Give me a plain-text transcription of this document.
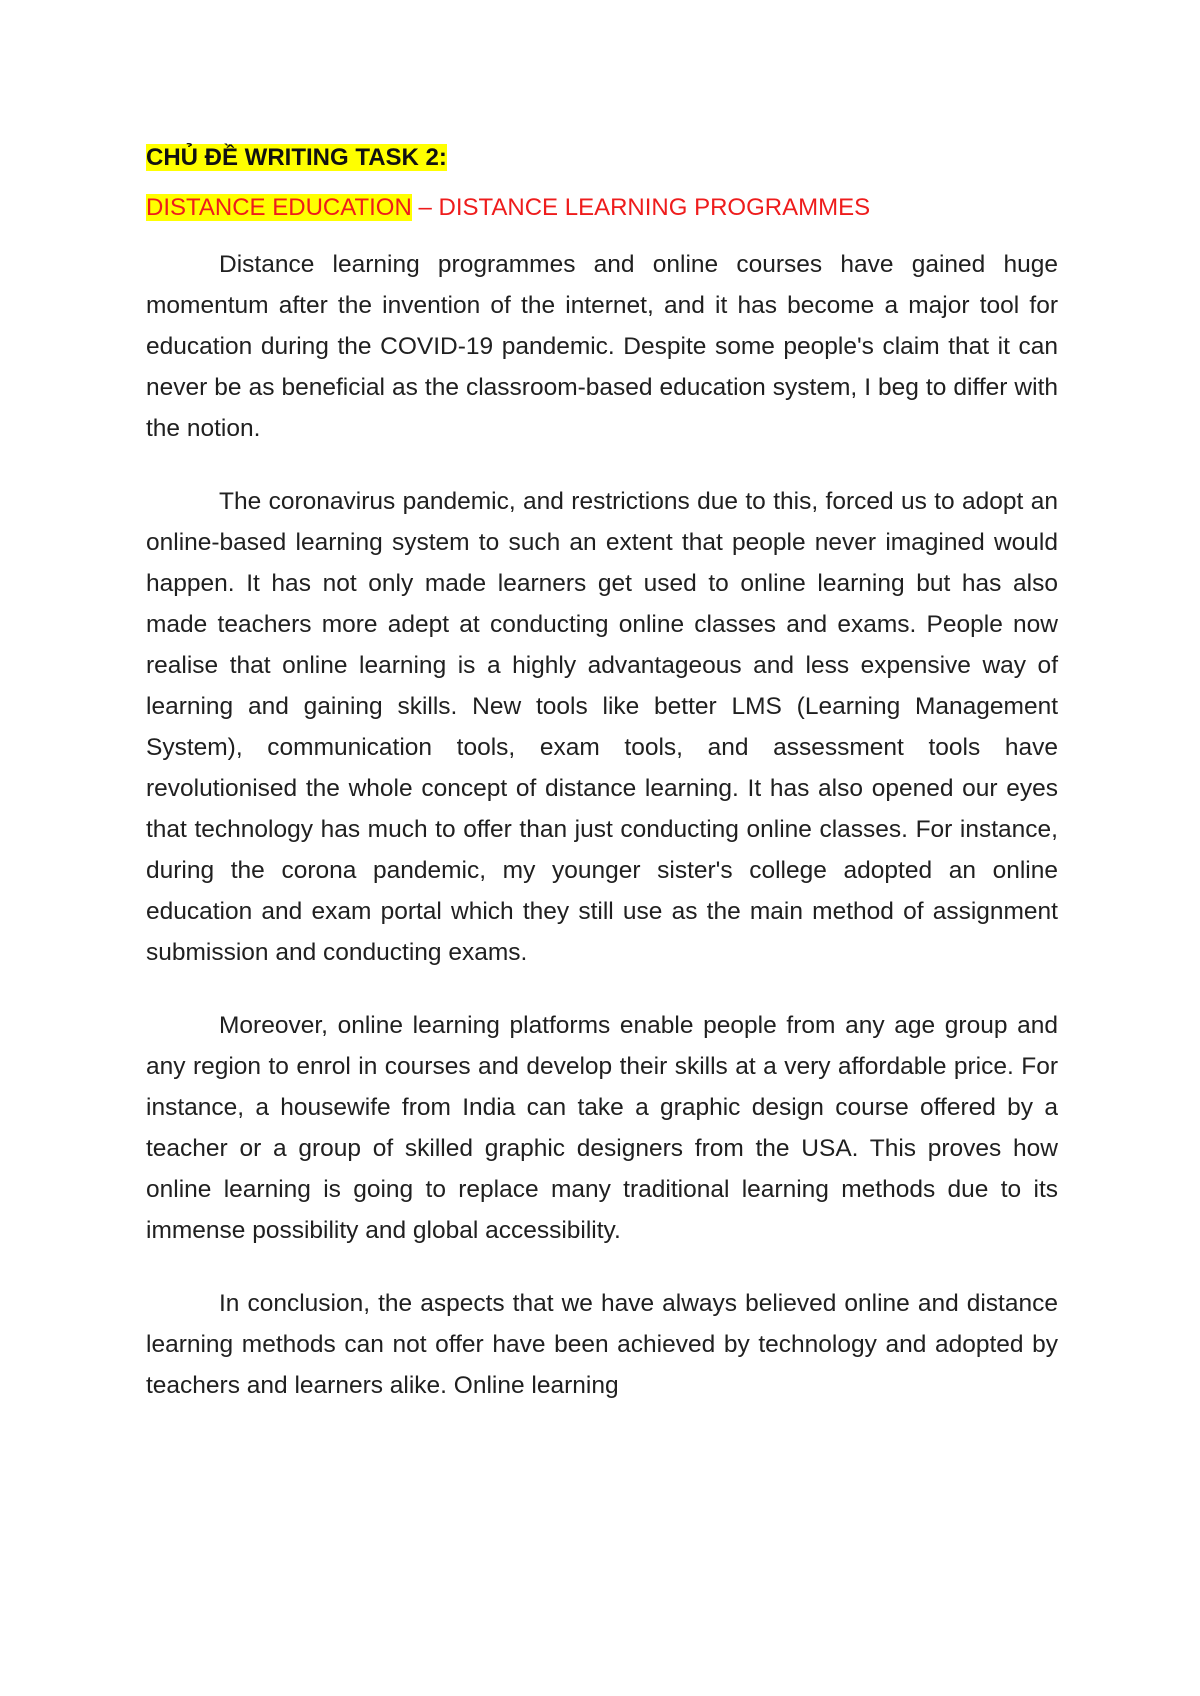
CHỦ ĐỀ WRITING TASK 2:

DISTANCE EDUCATION – DISTANCE LEARNING PROGRAMMES

Distance learning programmes and online courses have gained huge momentum after the invention of the internet, and it has become a major tool for education during the COVID-19 pandemic. Despite some people's claim that it can never be as beneficial as the classroom-based education system, I beg to differ with the notion.

The coronavirus pandemic, and restrictions due to this, forced us to adopt an online-based learning system to such an extent that people never imagined would happen. It has not only made learners get used to online learning but has also made teachers more adept at conducting online classes and exams. People now realise that online learning is a highly advantageous and less expensive way of learning and gaining skills. New tools like better LMS (Learning Management System), communication tools, exam tools, and assessment tools have revolutionised the whole concept of distance learning. It has also opened our eyes that technology has much to offer than just conducting online classes. For instance, during the corona pandemic, my younger sister's college adopted an online education and exam portal which they still use as the main method of assignment submission and conducting exams.

Moreover, online learning platforms enable people from any age group and any region to enrol in courses and develop their skills at a very affordable price. For instance, a housewife from India can take a graphic design course offered by a teacher or a group of skilled graphic designers from the USA. This proves how online learning is going to replace many traditional learning methods due to its immense possibility and global accessibility.

In conclusion, the aspects that we have always believed online and distance learning methods can not offer have been achieved by technology and adopted by teachers and learners alike. Online learning
